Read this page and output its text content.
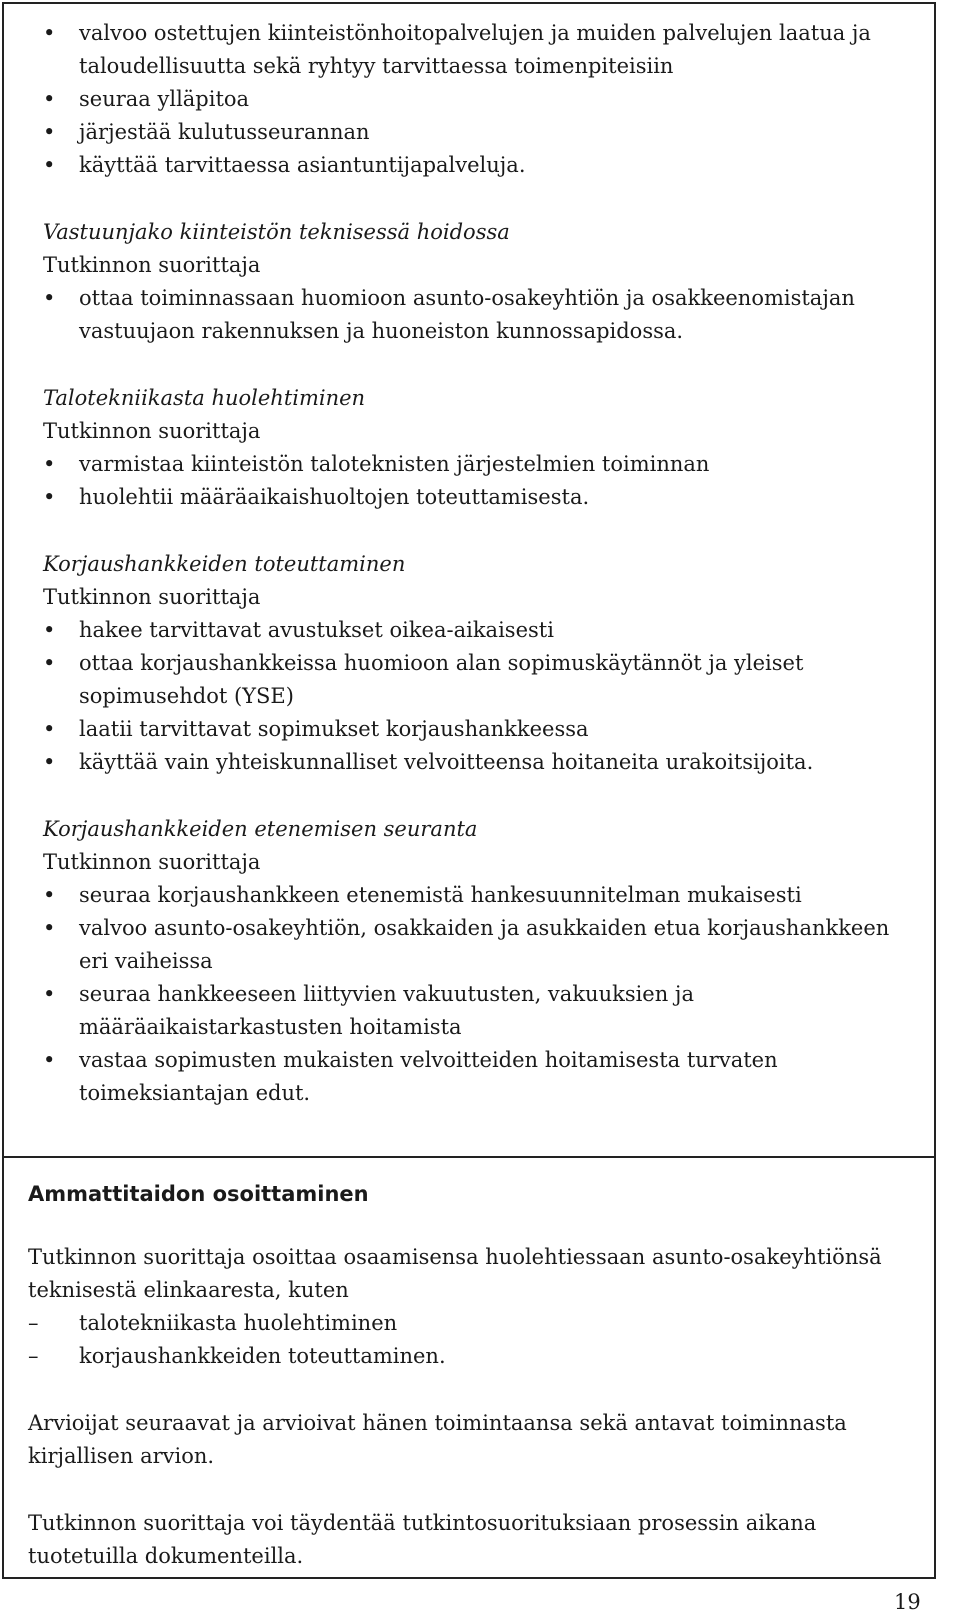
• valvoo ostettujen kiinteistönhoitopalvelujen ja muiden palvelujen laatua ja
taloudellisuutta sekä ryhtyy tarvittaessa toimenpiteisiin
• seuraa ylläpitoa
• järjestää kulutusseurannan
• käyttää tarvittaessa asiantuntijapalveluja.
Vastuunjako kiinteistön teknisessä hoidossa
Tutkinnon suorittaja
• ottaa toiminnassaan huomioon asunto-osakeyhtiön ja osakkeenomistajan
vastuujaon rakennuksen ja huoneiston kunnossapidossa.
Talotekniikasta huolehtiminen
Tutkinnon suorittaja
• varmistaa kiinteistön taloteknisten järjestelmien toiminnan
• huolehtii määräaikaishuoltojen toteuttamisesta.
Korjaushankkeiden toteuttaminen
Tutkinnon suorittaja
• hakee tarvittavat avustukset oikea-aikaisesti
• ottaa korjaushankkeissa huomioon alan sopimuskäytännöt ja yleiset
sopimusehdot (YSE)
• laatii tarvittavat sopimukset korjaushankkeessa
• käyttää vain yhteiskunnalliset velvoitteensa hoitaneita urakoitsijoita.
Korjaushankkeiden etenemisen seuranta
Tutkinnon suorittaja
• seuraa korjaushankkeen etenemistä hankesuunnitelman mukaisesti
• valvoo asunto-osakeyhtiön, osakkaiden ja asukkaiden etua korjaushankkeen
eri vaiheissa
• seuraa hankkeeseen liittyvien vakuutusten, vakuuksien ja
määräaikaistarkastusten hoitamista
• vastaa sopimusten mukaisten velvoitteiden hoitamisesta turvaten
toimeksiantajan edut.
Ammattitaidon osoittaminen
Tutkinnon suorittaja osoittaa osaamisensa huolehtiessaan asunto-osakeyhtiönsä
teknisestä elinkaaresta, kuten
– talotekniikasta huolehtiminen
– korjaushankkeiden toteuttaminen.
Arvioijat seuraavat ja arvioivat hänen toimintaansa sekä antavat toiminnasta
kirjallisen arvion.
Tutkinnon suorittaja voi täydentää tutkintosuorituksiaan prosessin aikana
tuotetuilla dokumenteilla.
19
